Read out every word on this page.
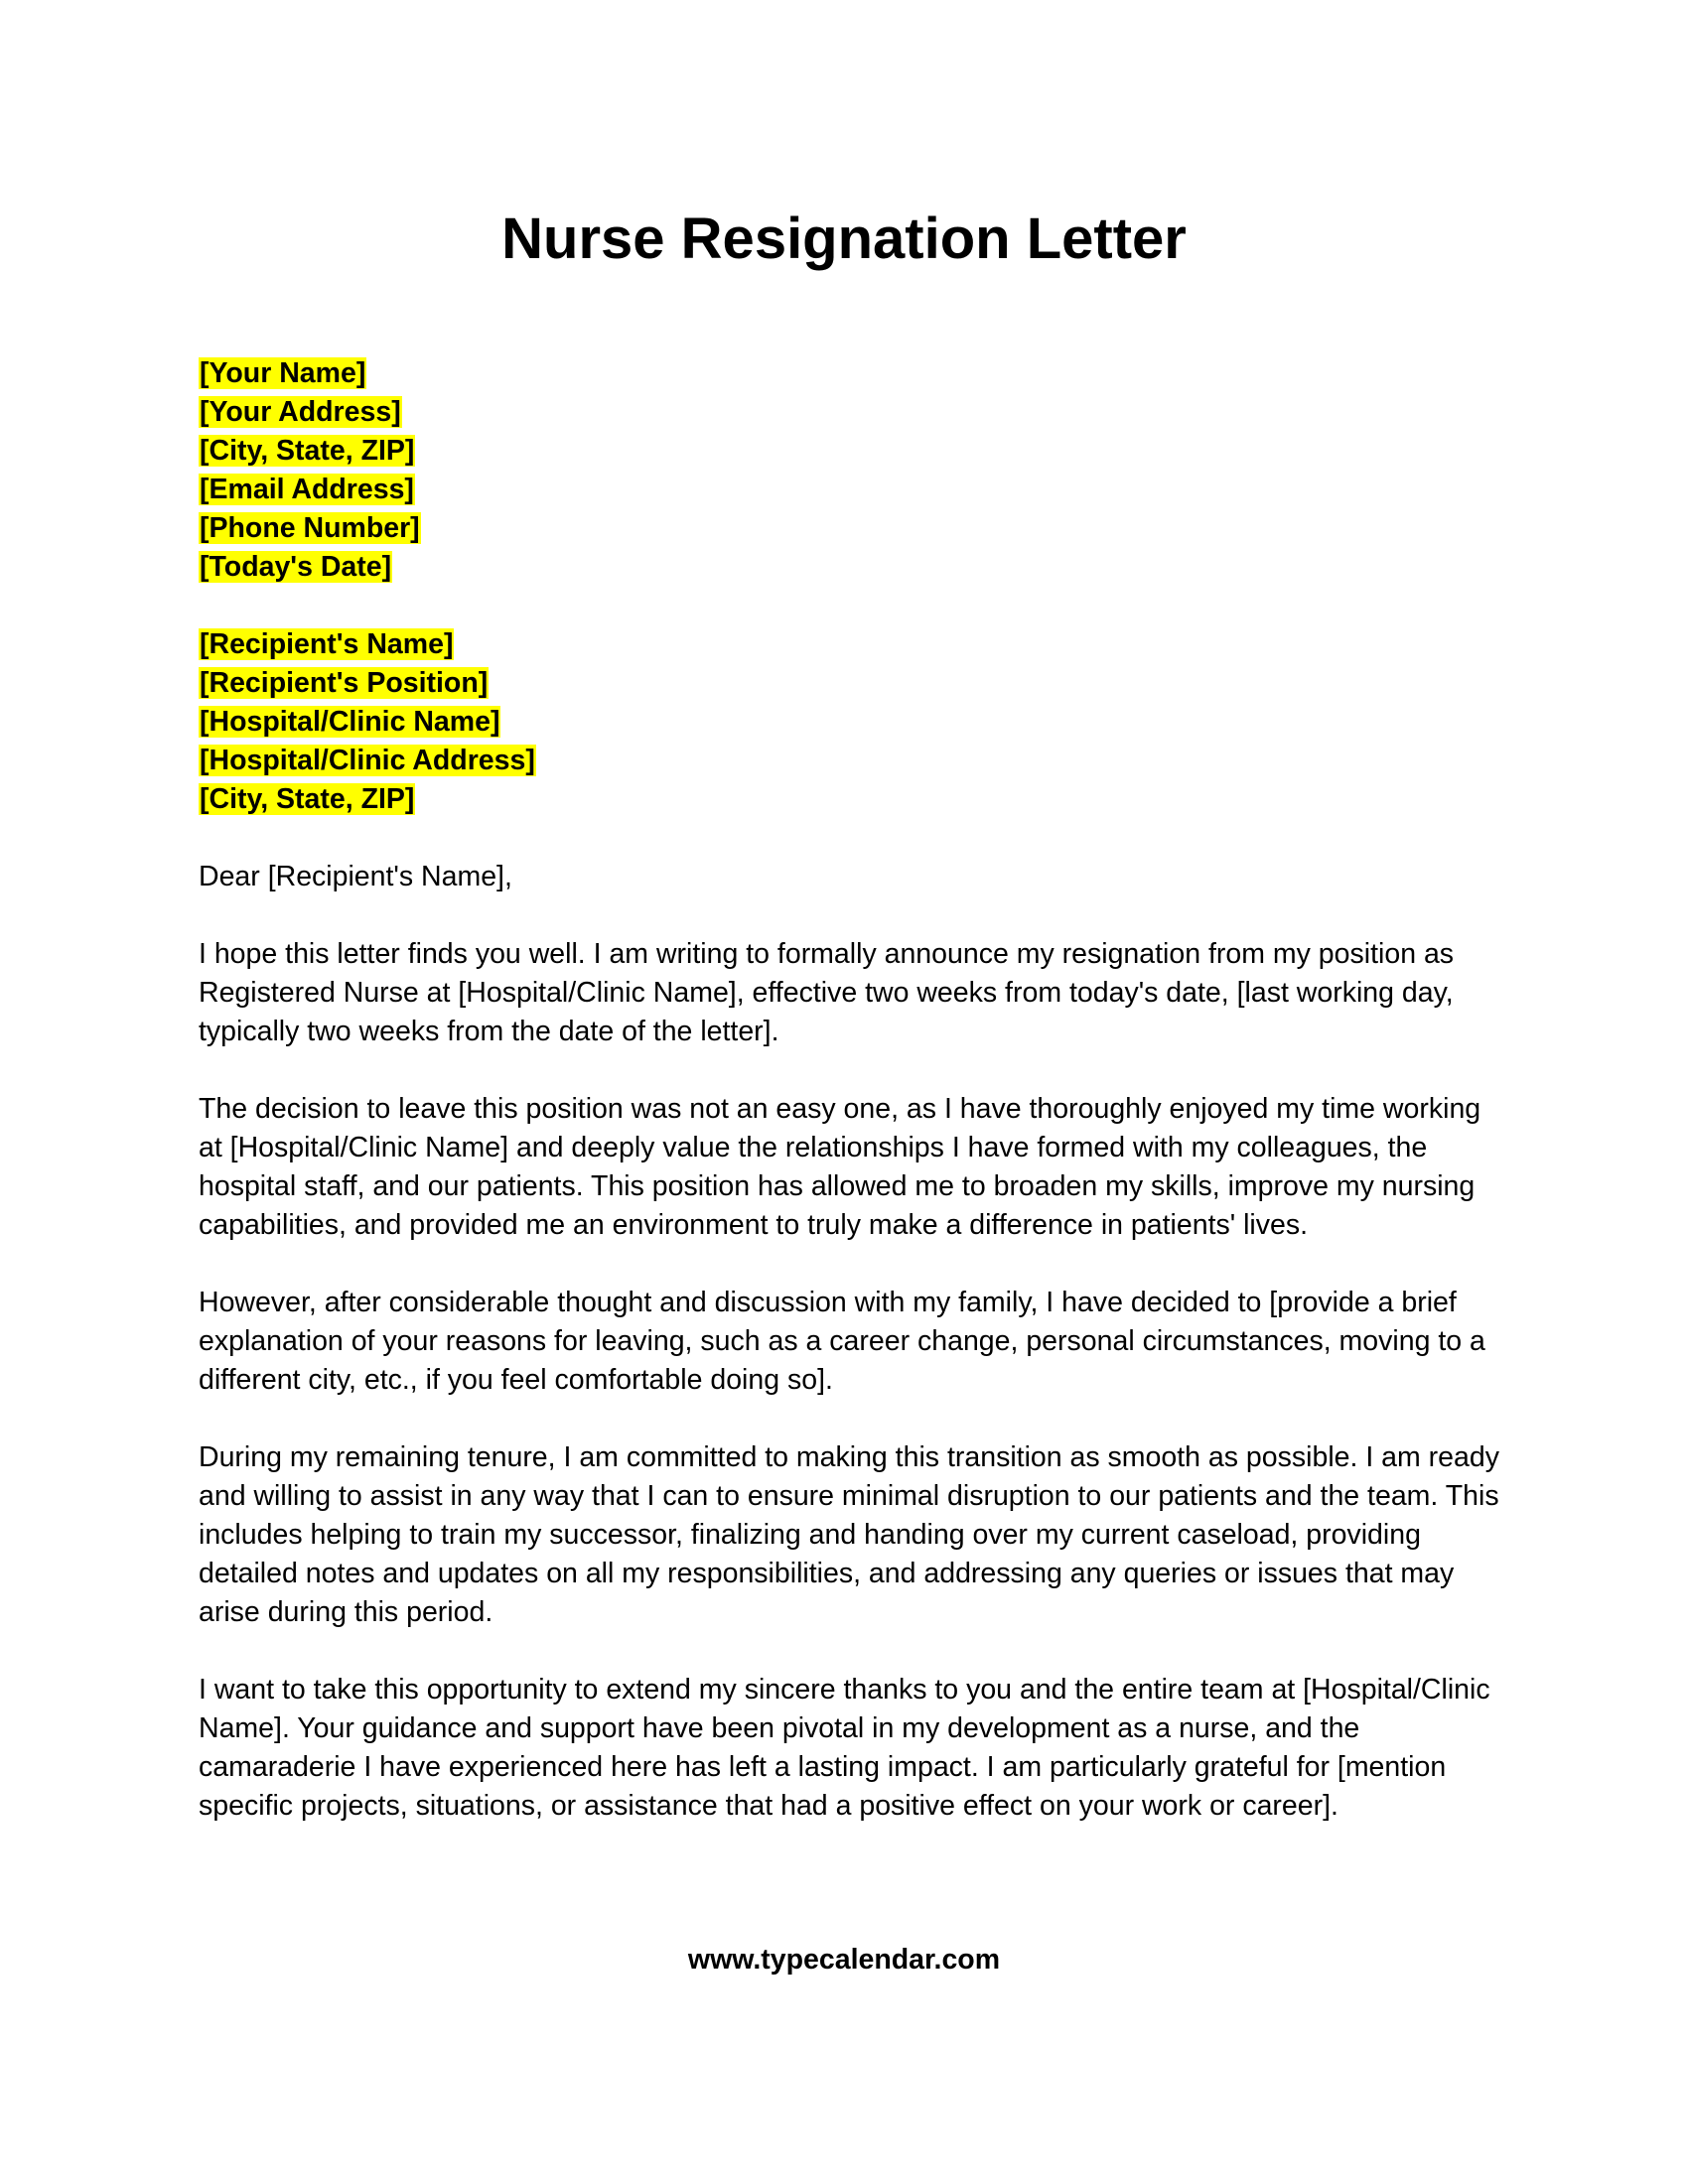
Nurse Resignation Letter
[Your Name]
[Your Address]
[City, State, ZIP]
[Email Address]
[Phone Number]
[Today's Date]
[Recipient's Name]
[Recipient's Position]
[Hospital/Clinic Name]
[Hospital/Clinic Address]
[City, State, ZIP]

Dear [Recipient's Name],

I hope this letter finds you well. I am writing to formally announce my resignation from my position as Registered Nurse at [Hospital/Clinic Name], effective two weeks from today's date, [last working day, typically two weeks from the date of the letter].

The decision to leave this position was not an easy one, as I have thoroughly enjoyed my time working at [Hospital/Clinic Name] and deeply value the relationships I have formed with my colleagues, the hospital staff, and our patients. This position has allowed me to broaden my skills, improve my nursing capabilities, and provided me an environment to truly make a difference in patients' lives.

However, after considerable thought and discussion with my family, I have decided to [provide a brief explanation of your reasons for leaving, such as a career change, personal circumstances, moving to a different city, etc., if you feel comfortable doing so].

During my remaining tenure, I am committed to making this transition as smooth as possible. I am ready and willing to assist in any way that I can to ensure minimal disruption to our patients and the team. This includes helping to train my successor, finalizing and handing over my current caseload, providing detailed notes and updates on all my responsibilities, and addressing any queries or issues that may arise during this period.

I want to take this opportunity to extend my sincere thanks to you and the entire team at [Hospital/Clinic Name]. Your guidance and support have been pivotal in my development as a nurse, and the camaraderie I have experienced here has left a lasting impact. I am particularly grateful for [mention specific projects, situations, or assistance that had a positive effect on your work or career].

www.typecalendar.com
